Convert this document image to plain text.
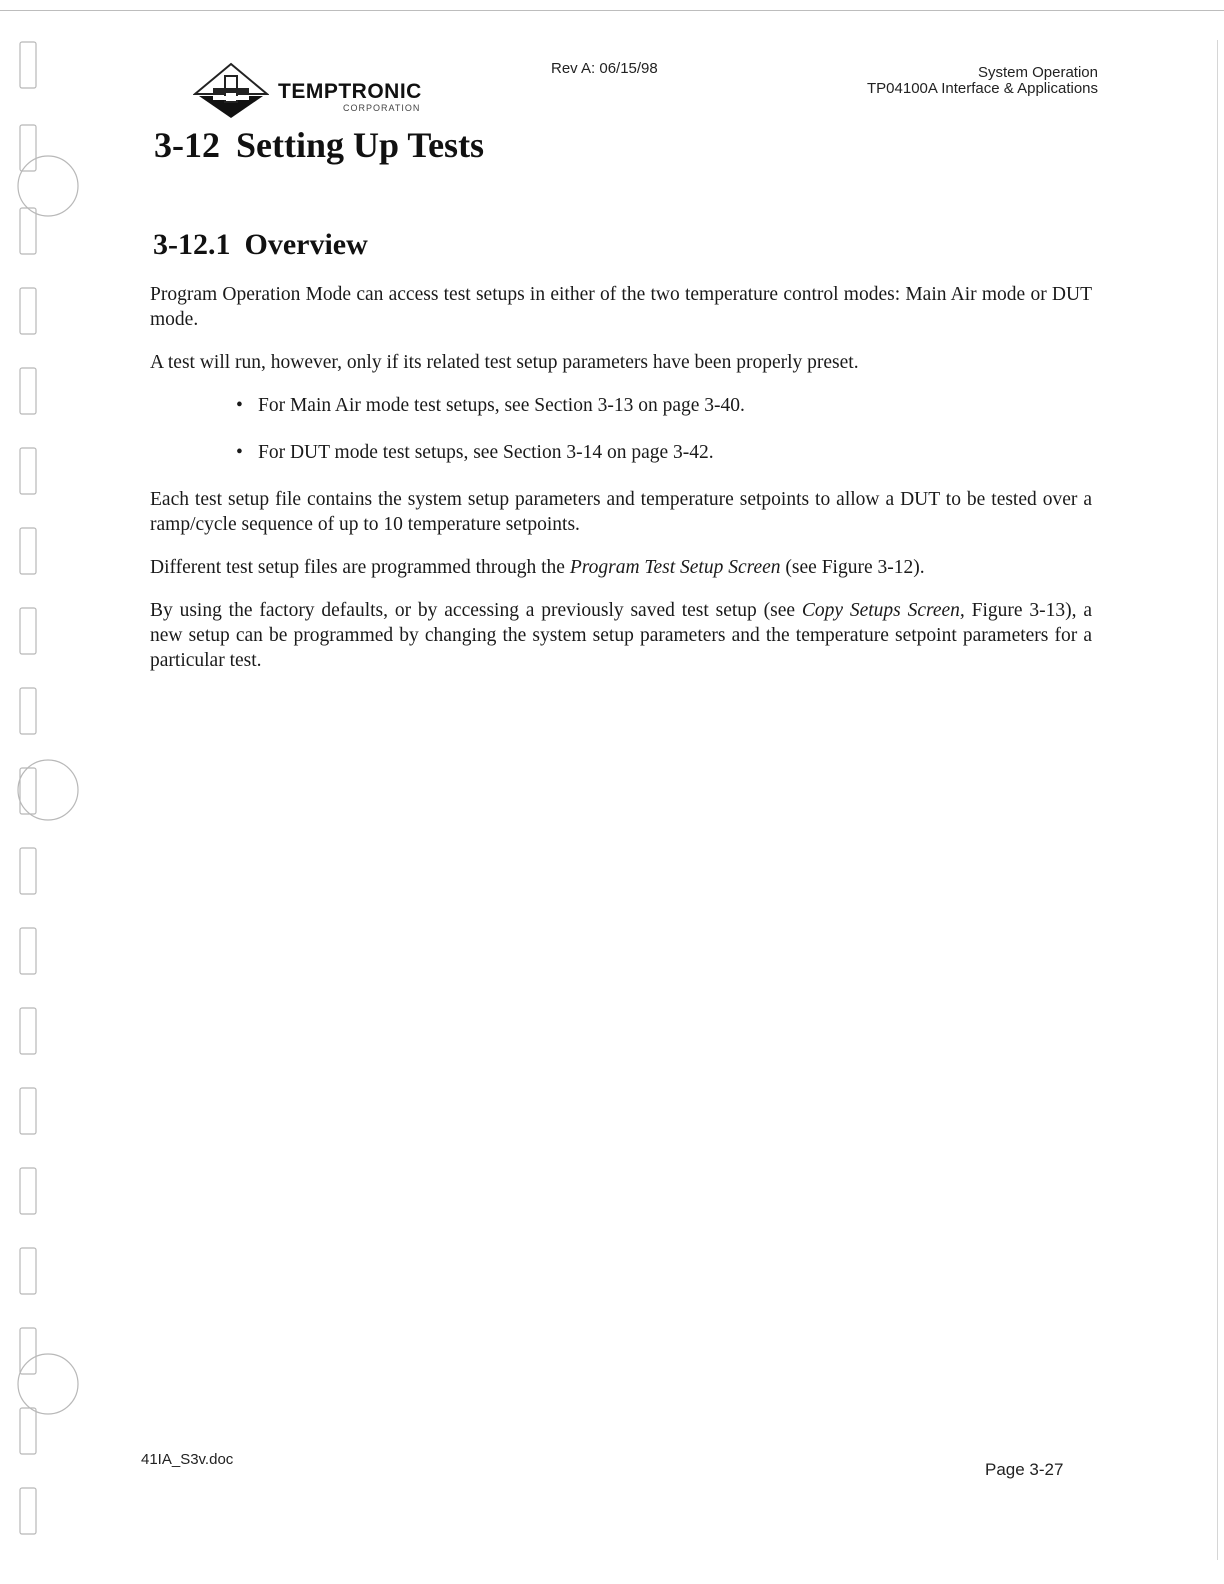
TEMPTRONIC
CORPORATION
Rev A: 06/15/98	System Operation
TP04100A Interface & Applications
3-12 Setting Up Tests
3-12.1 Overview

Program Operation Mode can access test setups in either of the two temperature control modes: Main Air mode or DUT mode.

A test will run, however, only if its related test setup parameters have been properly preset.

• For Main Air mode test setups, see Section 3-13 on page 3-40.
• For DUT mode test setups, see Section 3-14 on page 3-42.

Each test setup file contains the system setup parameters and temperature setpoints to allow a DUT to be tested over a ramp/cycle sequence of up to 10 temperature setpoints.

Different test setup files are programmed through the Program Test Setup Screen (see Figure 3-12).

By using the factory defaults, or by accessing a previously saved test setup (see Copy Setups Screen, Figure 3-13), a new setup can be programmed by changing the system setup parameters and the temperature setpoint parameters for a particular test.

41IA_S3v.doc
Page 3-27
